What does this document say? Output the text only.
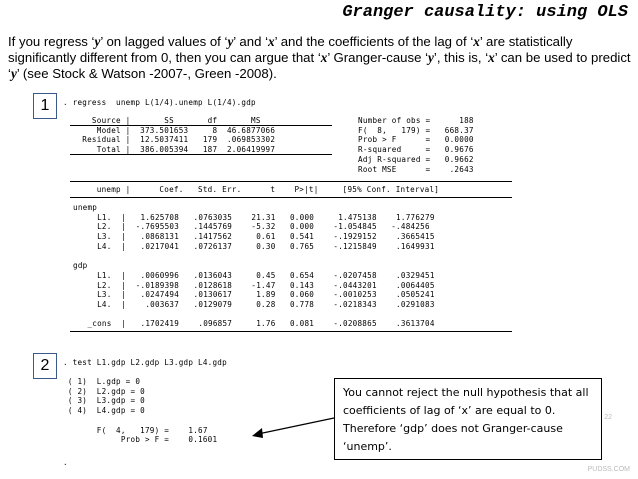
Granger causality: using OLS
If you regress ‘y’ on lagged values of ‘y’ and ‘x’ and the coefficients of the lag of ‘x’ are statistically significantly different from 0, then you can argue that ‘x’ Granger-cause ‘y’, this is, ‘x’ can be used to predict ‘y’ (see Stock & Watson -2007-, Green -2008).
1
2
. regress  unemp L(1/4).unemp L(1/4).gdp
Source |       SS       df       MS
Model |  373.501653     8  46.6877066
Residual |  12.5037411   179  .069853302
Total |  386.005394   187  2.06419997
Number of obs =      188
F(  8,   179) =   668.37
Prob > F      =   0.0000
R-squared     =   0.9676
Adj R-squared =   0.9662
Root MSE      =    .2643
unemp |      Coef.   Std. Err.      t    P>|t|     [95% Conf. Interval]
unemp
L1.  |   1.625708   .0763035    21.31   0.000     1.475138    1.776279
L2.  |  -.7695503   .1445769    -5.32   0.000    -1.054845   -.484256
L3.  |   .0868131   .1417562     0.61   0.541    -.1929152    .3665415
L4.  |   .0217041   .0726137     0.30   0.765    -.1215849    .1649931

gdp
L1.  |   .0060996   .0136043     0.45   0.654    -.0207458    .0329451
L2.  |  -.0189398   .0128618    -1.47   0.143    -.0443201    .0064405
L3.  |   .0247494   .0130617     1.89   0.060    -.0010253    .0505241
L4.  |    .003637   .0129079     0.28   0.778    -.0218343    .0291083

_cons  |   .1702419    .096857     1.76   0.081    -.0208865    .3613704
. test L1.gdp L2.gdp L3.gdp L4.gdp
( 1)  L.gdp = 0
( 2)  L2.gdp = 0
( 3)  L3.gdp = 0
( 4)  L4.gdp = 0

F(  4,   179) =    1.67
Prob > F =    0.1601
.
You cannot reject the null hypothesis that all coefficients of lag of ‘x’ are equal to 0. Therefore ‘gdp’ does not Granger-cause ‘unemp’.
22
PUDSS.COM
